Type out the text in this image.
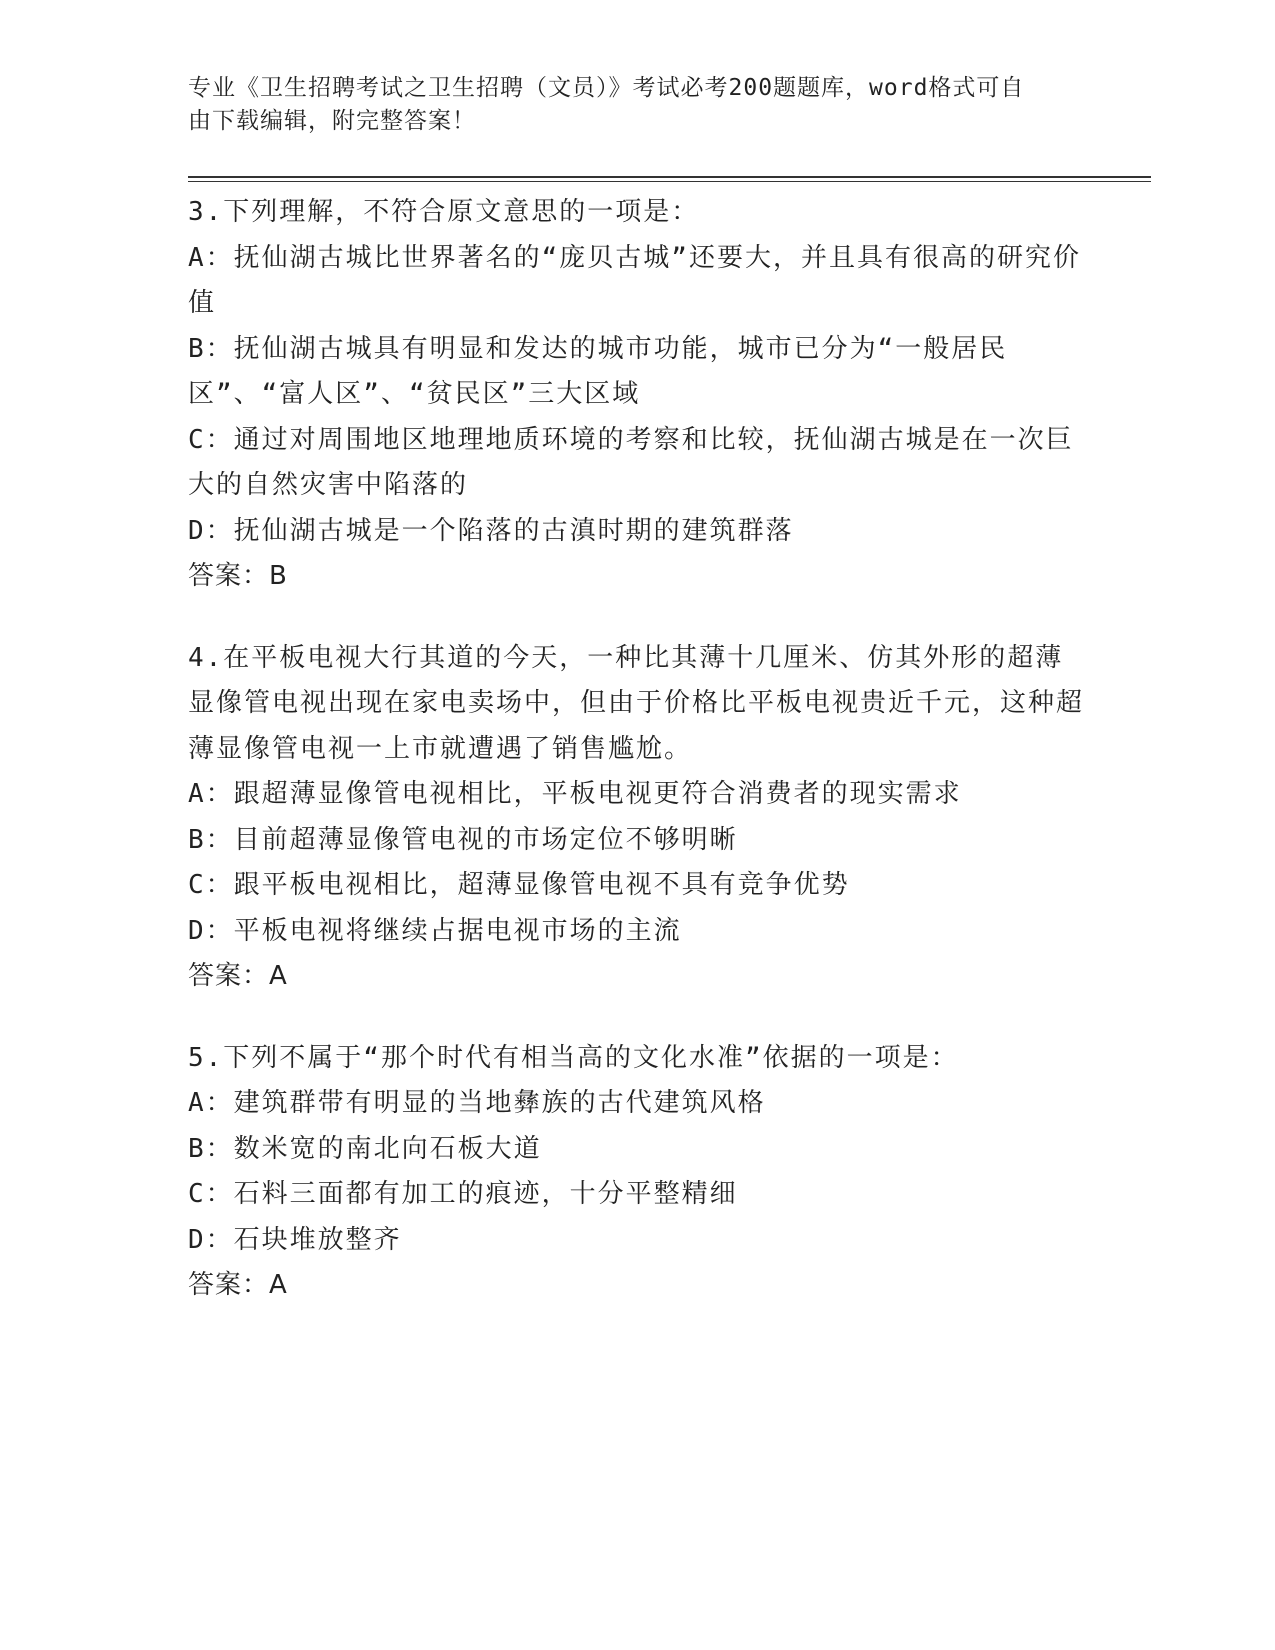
专业《卫生招聘考试之卫生招聘（文员）》考试必考200题题库，word格式可自
由下载编辑，附完整答案！
3.下列理解，不符合原文意思的一项是：
A：抚仙湖古城比世界著名的“庞贝古城”还要大，并且具有很高的研究价值
B：抚仙湖古城具有明显和发达的城市功能，城市已分为“一般居民区”、“富人区”、“贫民区”三大区域
C：通过对周围地区地理地质环境的考察和比较，抚仙湖古城是在一次巨大的自然灾害中陷落的
D：抚仙湖古城是一个陷落的古滇时期的建筑群落
答案：B
4.在平板电视大行其道的今天，一种比其薄十几厘米、仿其外形的超薄显像管电视出现在家电卖场中，但由于价格比平板电视贵近千元，这种超薄显像管电视一上市就遭遇了销售尴尬。
A：跟超薄显像管电视相比，平板电视更符合消费者的现实需求
B：目前超薄显像管电视的市场定位不够明晰
C：跟平板电视相比，超薄显像管电视不具有竞争优势
D：平板电视将继续占据电视市场的主流
答案：A
5.下列不属于“那个时代有相当高的文化水准”依据的一项是：
A：建筑群带有明显的当地彝族的古代建筑风格
B：数米宽的南北向石板大道
C：石料三面都有加工的痕迹，十分平整精细
D：石块堆放整齐
答案：A
